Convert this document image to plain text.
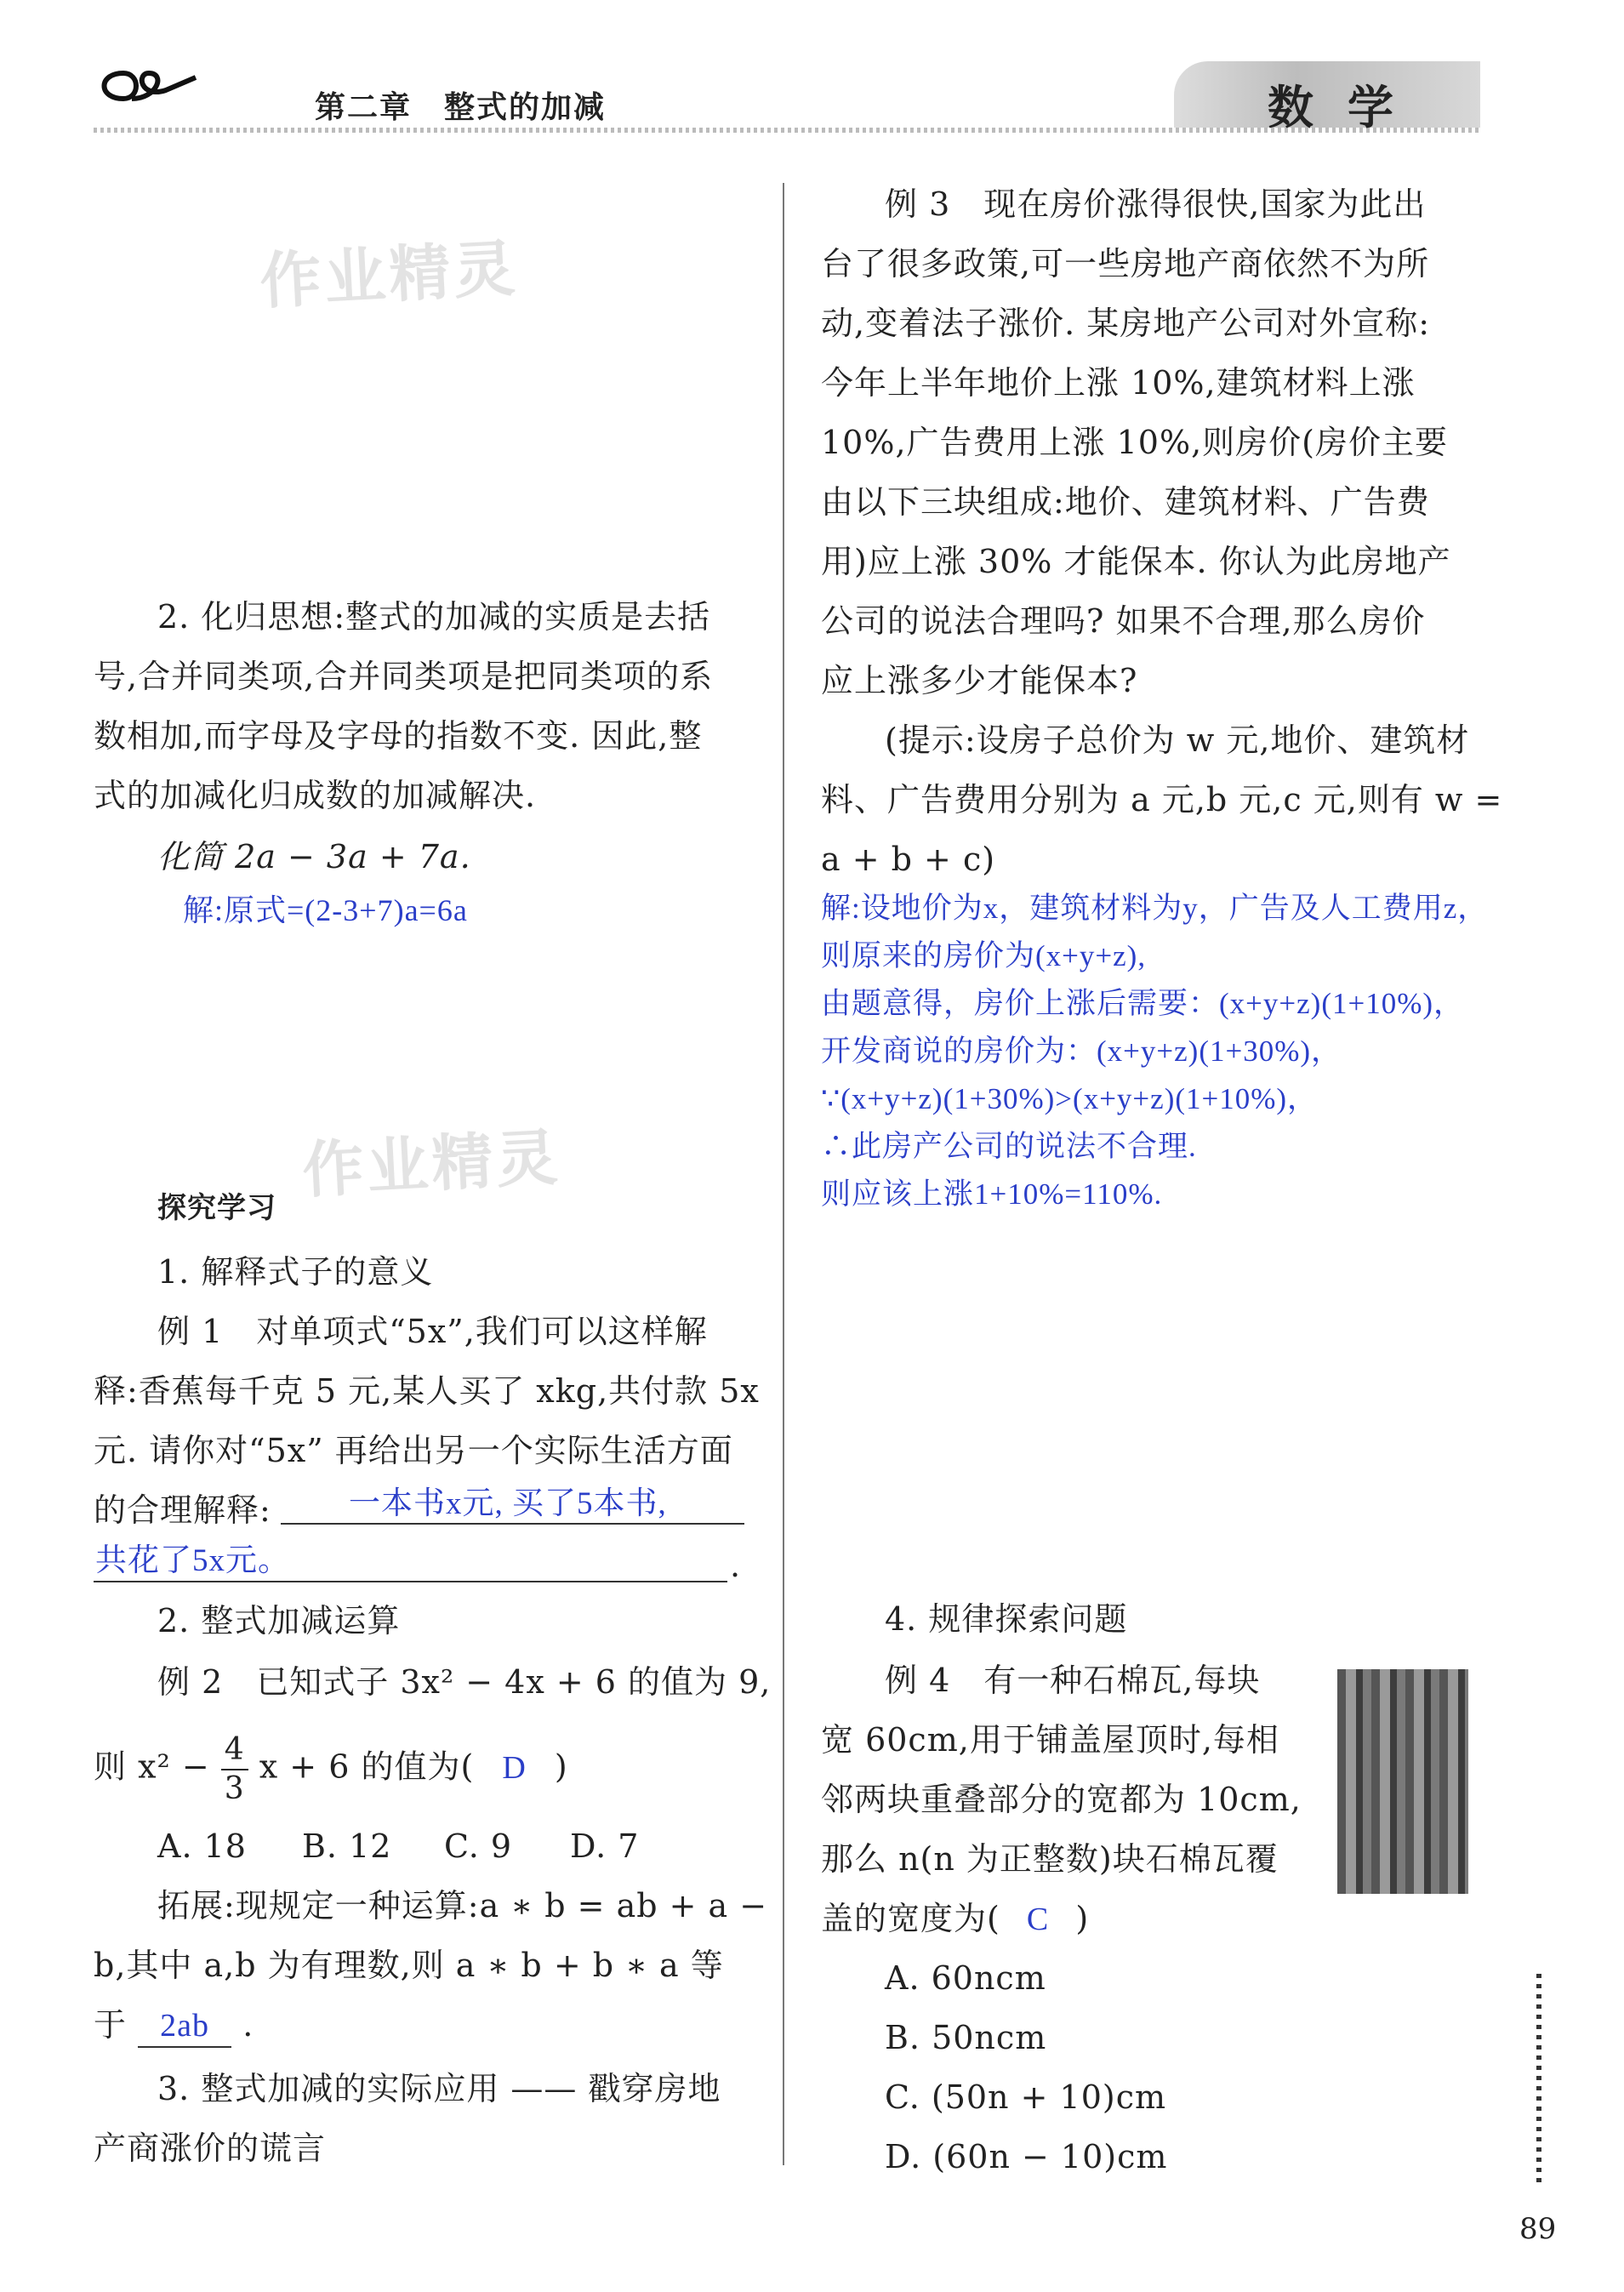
第二章　整式的加减	数学
作业精灵
作业精灵
2. 化归思想:整式的加减的实质是去括
号,合并同类项,合并同类项是把同类项的系
数相加,而字母及字母的指数不变. 因此,整
式的加减化归成数的加减解决.
化简 2a − 3a + 7a.
解:原式=(2-3+7)a=6a
探究学习
1. 解释式子的意义
例 1　对单项式“5x”,我们可以这样解
释:香蕉每千克 5 元,某人买了 xkg,共付款 5x
元. 请你对“5x” 再给出另一个实际生活方面
的合理解释: 一本书x元, 买了5本书,
共花了5x元。	.
2. 整式加减运算
例 2　已知式子 3x² − 4x + 6 的值为 9,
则 $x^2 - \frac{4}{3}$ x + 6 的值为( D )
A. 18 B. 12 C. 9 D. 7
拓展:现规定一种运算:a ∗ b = ab + a −
b,其中 a,b 为有理数,则 a ∗ b + b ∗ a 等
于 2ab .
3. 整式加减的实际应用 —— 戳穿房地
产商涨价的谎言
例 3　现在房价涨得很快,国家为此出
台了很多政策,可一些房地产商依然不为所
动,变着法子涨价. 某房地产公司对外宣称:
今年上半年地价上涨 10%,建筑材料上涨
10%,广告费用上涨 10%,则房价(房价主要
由以下三块组成:地价、建筑材料、广告费
用)应上涨 30% 才能保本. 你认为此房地产
公司的说法合理吗? 如果不合理,那么房价
应上涨多少才能保本?
(提示:设房子总价为 w 元,地价、建筑材
料、广告费用分别为 a 元,b 元,c 元,则有 w =
a + b + c)
解:设地价为x，建筑材料为y，广告及人工费用z，
则原来的房价为(x+y+z),
由题意得，房价上涨后需要：(x+y+z)(1+10%)，
开发商说的房价为：(x+y+z)(1+30%)，
∵(x+y+z)(1+30%)>(x+y+z)(1+10%)，
∴此房产公司的说法不合理.
则应该上涨1+10%=110%.
4. 规律探索问题
例 4　有一种石棉瓦,每块
宽 60cm,用于铺盖屋顶时,每相
邻两块重叠部分的宽都为 10cm,
那么 n(n 为正整数)块石棉瓦覆
盖的宽度为( C )
A. 60ncm
B. 50ncm
C. (50n + 10)cm
D. (60n − 10)cm
89
